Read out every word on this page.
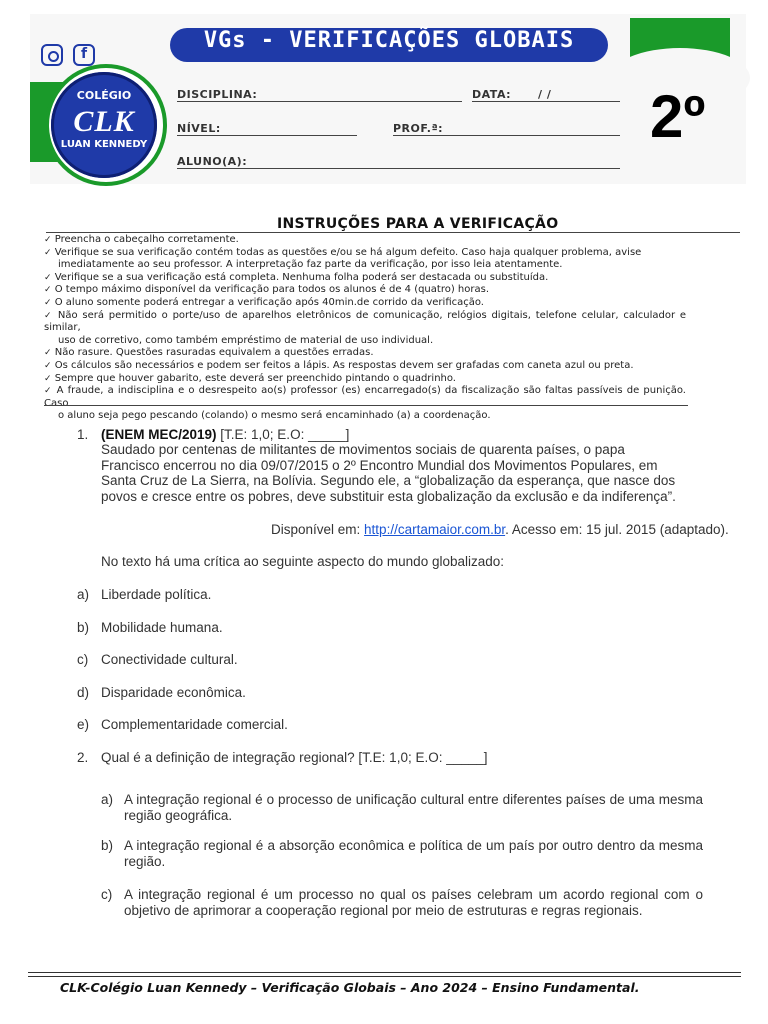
f
COLÉGIO
CLK
LUAN KENNEDY
VGs - VERIFICAÇÕES GLOBAIS
2º
DISCIPLINA:	DATA: / /
NÍVEL:	PROF.ª:
ALUNO(A):
INSTRUÇÕES PARA A VERIFICAÇÃO

✓ Preencha o cabeçalho corretamente.

✓ Verifique se sua verificação contém todas as questões e/ou se há algum defeito. Caso haja qualquer problema, avise
imediatamente ao seu professor. A interpretação faz parte da verificação, por isso leia atentamente.

✓ Verifique se a sua verificação está completa. Nenhuma folha poderá ser destacada ou substituída.

✓ O tempo máximo disponível da verificação para todos os alunos é de 4 (quatro) horas.

✓ O aluno somente poderá entregar a verificação após 40min.de corrido da verificação.

✓ Não será permitido o porte/uso de aparelhos eletrônicos de comunicação, relógios digitais, telefone celular, calculador e similar,
uso de corretivo, como também empréstimo de material de uso individual.

✓ Não rasure. Questões rasuradas equivalem a questões erradas.

✓ Os cálculos são necessários e podem ser feitos a lápis. As respostas devem ser grafadas com caneta azul ou preta.

✓ Sempre que houver gabarito, este deverá ser preenchido pintando o quadrinho.

✓ A fraude, a indisciplina e o desrespeito ao(s) professor (es) encarregado(s) da fiscalização são faltas passíveis de punição. Caso
o aluno seja pego pescando (colando) o mesmo será encaminhado (a) a coordenação.

1. (ENEM MEC/2019) [T.E: 1,0; E.O: _____]
Saudado por centenas de militantes de movimentos sociais de quarenta países, o papa Francisco encerrou no dia 09/07/2015 o 2º Encontro Mundial dos Movimentos Populares, em Santa Cruz de La Sierra, na Bolívia. Segundo ele, a “globalização da esperança, que nasce dos povos e cresce entre os pobres, deve substituir esta globalização da exclusão e da indiferença”.
Disponível em: http://cartamaior.com.br. Acesso em: 15 jul. 2015 (adaptado).
No texto há uma crítica ao seguinte aspecto do mundo globalizado:
a) Liberdade política.
b) Mobilidade humana.
c) Conectividade cultural.
d) Disparidade econômica.
e) Complementaridade comercial.
2. Qual é a definição de integração regional? [T.E: 1,0; E.O: _____]
a) A integração regional é o processo de unificação cultural entre diferentes países de uma mesma região geográfica.
b) A integração regional é a absorção econômica e política de um país por outro dentro da mesma região.
c) A integração regional é um processo no qual os países celebram um acordo regional com o objetivo de aprimorar a cooperação regional por meio de estruturas e regras regionais.
CLK-Colégio Luan Kennedy – Verificação Globais – Ano 2024 – Ensino Fundamental.
